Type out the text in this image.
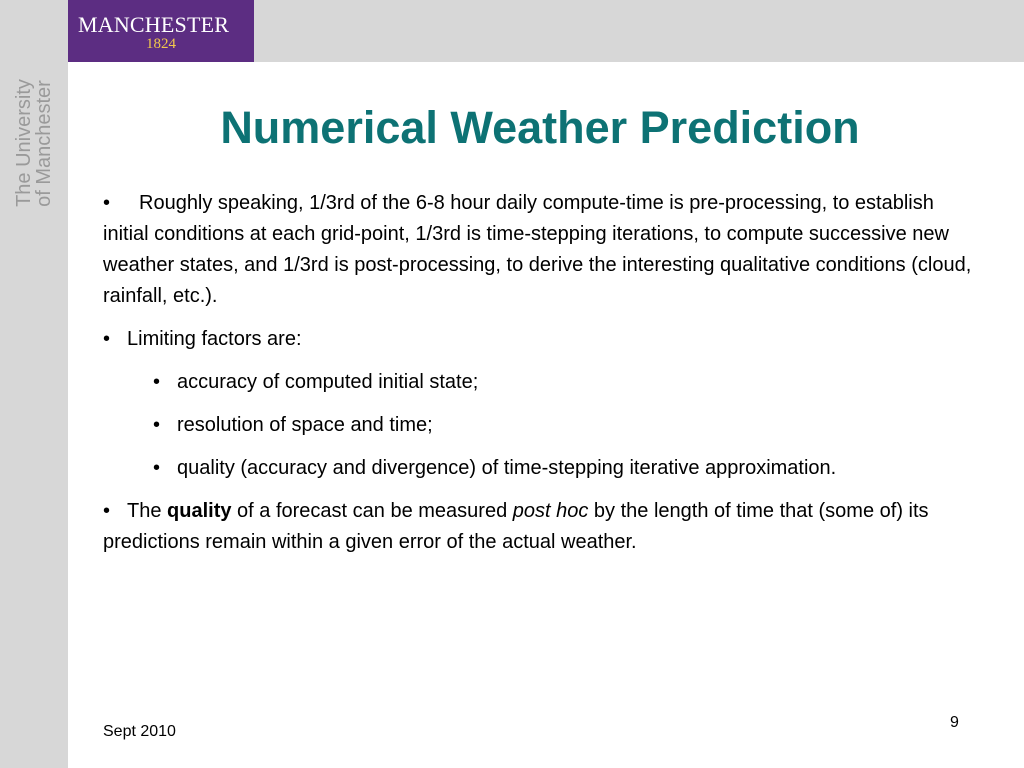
MANCHESTER
1824
The University
of Manchester	Numerical Weather Prediction

• Roughly speaking, 1/3rd of the 6-8 hour daily compute-time is pre-processing, to establish initial conditions at each grid-point, 1/3rd is time-stepping iterations, to compute successive new weather states, and 1/3rd is post-processing, to derive the interesting qualitative conditions (cloud, rainfall, etc.).

• Limiting factors are:

• accuracy of computed initial state;

• resolution of space and time;

• quality (accuracy and divergence) of time-stepping iterative approximation.

• The quality of a forecast can be measured post hoc by the length of time that (some of) its predictions remain within a given error of the actual weather.

Sept 2010
9
